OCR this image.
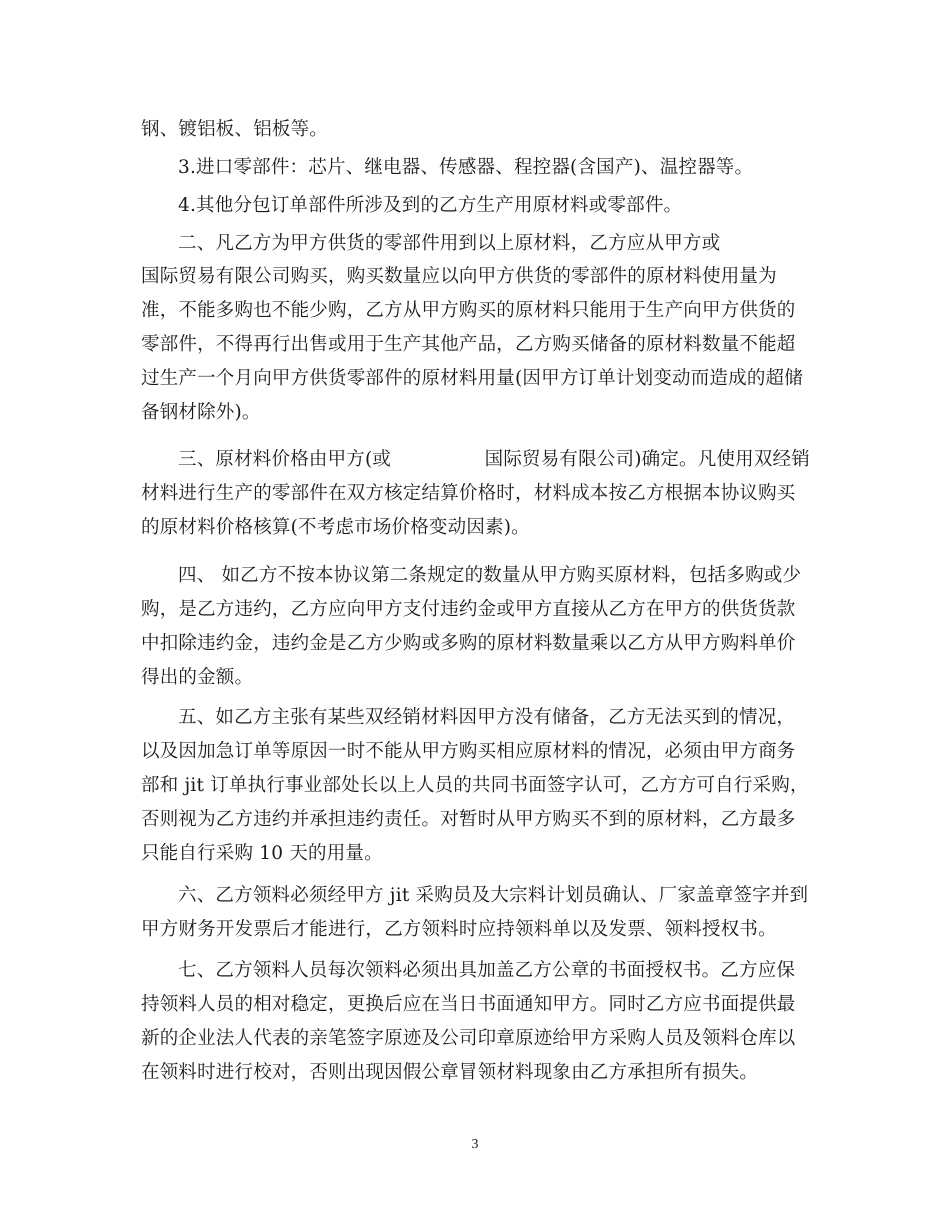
钢、镀铝板、铝板等。
3.进口零部件：芯片、继电器、传感器、程控器(含国产)、温控器等。
4.其他分包订单部件所涉及到的乙方生产用原材料或零部件。
二、凡乙方为甲方供货的零部件用到以上原材料，乙方应从甲方或
国际贸易有限公司购买，购买数量应以向甲方供货的零部件的原材料使用量为
准，不能多购也不能少购，乙方从甲方购买的原材料只能用于生产向甲方供货的
零部件，不得再行出售或用于生产其他产品，乙方购买储备的原材料数量不能超
过生产一个月向甲方供货零部件的原材料用量(因甲方订单计划变动而造成的超储
备钢材除外)。
三、原材料价格由甲方(或　　　　　国际贸易有限公司)确定。凡使用双经销
材料进行生产的零部件在双方核定结算价格时，材料成本按乙方根据本协议购买
的原材料价格核算(不考虑市场价格变动因素)。
四、 如乙方不按本协议第二条规定的数量从甲方购买原材料，包括多购或少
购，是乙方违约，乙方应向甲方支付违约金或甲方直接从乙方在甲方的供货货款
中扣除违约金，违约金是乙方少购或多购的原材料数量乘以乙方从甲方购料单价
得出的金额。
五、如乙方主张有某些双经销材料因甲方没有储备，乙方无法买到的情况，
以及因加急订单等原因一时不能从甲方购买相应原材料的情况，必须由甲方商务
部和 jit 订单执行事业部处长以上人员的共同书面签字认可，乙方方可自行采购，
否则视为乙方违约并承担违约责任。对暂时从甲方购买不到的原材料，乙方最多
只能自行采购 10 天的用量。
六、乙方领料必须经甲方 jit 采购员及大宗料计划员确认、厂家盖章签字并到
甲方财务开发票后才能进行，乙方领料时应持领料单以及发票、领料授权书。
七、乙方领料人员每次领料必须出具加盖乙方公章的书面授权书。乙方应保
持领料人员的相对稳定，更换后应在当日书面通知甲方。同时乙方应书面提供最
新的企业法人代表的亲笔签字原迹及公司印章原迹给甲方采购人员及领料仓库以
在领料时进行校对，否则出现因假公章冒领材料现象由乙方承担所有损失。
3
